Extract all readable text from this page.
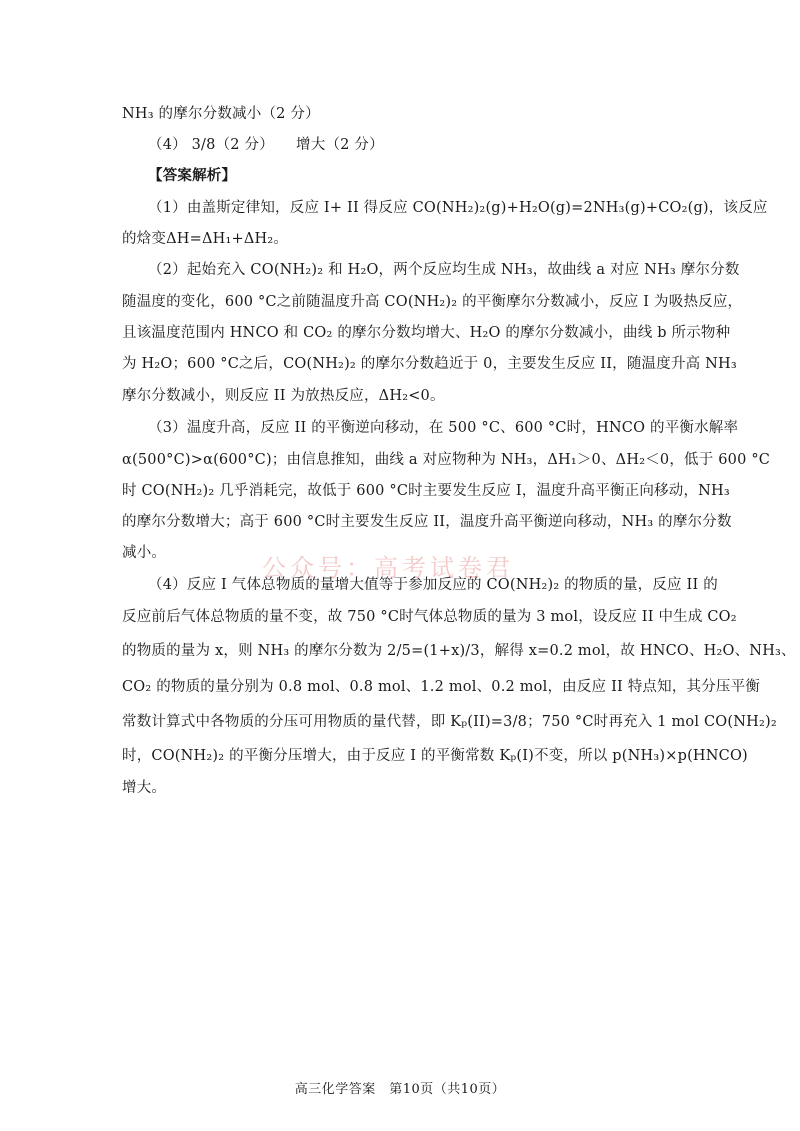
NH₃ 的摩尔分数减小（2 分）
（4） 3/8（2 分）　　增大（2 分）
【答案解析】
（1）由盖斯定律知，反应 I+ II 得反应 CO(NH₂)₂(g)+H₂O(g)=2NH₃(g)+CO₂(g)，该反应
的焓变ΔH=ΔH₁+ΔH₂。
（2）起始充入 CO(NH₂)₂ 和 H₂O，两个反应均生成 NH₃，故曲线 a 对应 NH₃ 摩尔分数
随温度的变化，600 °C之前随温度升高 CO(NH₂)₂ 的平衡摩尔分数减小，反应 I 为吸热反应，
且该温度范围内 HNCO 和 CO₂ 的摩尔分数均增大、H₂O 的摩尔分数减小，曲线 b 所示物种
为 H₂O；600 °C之后，CO(NH₂)₂ 的摩尔分数趋近于 0，主要发生反应 II，随温度升高 NH₃
摩尔分数减小，则反应 II 为放热反应，ΔH₂<0。
（3）温度升高，反应 II 的平衡逆向移动，在 500 °C、600 °C时，HNCO 的平衡水解率
α(500°C)>α(600°C)；由信息推知，曲线 a 对应物种为 NH₃，ΔH₁＞0、ΔH₂＜0，低于 600 °C
时 CO(NH₂)₂ 几乎消耗完，故低于 600 °C时主要发生反应 I，温度升高平衡正向移动，NH₃
的摩尔分数增大；高于 600 °C时主要发生反应 II，温度升高平衡逆向移动，NH₃ 的摩尔分数
减小。
公众号：高考试卷君
（4）反应 I 气体总物质的量增大值等于参加反应的 CO(NH₂)₂ 的物质的量，反应 II 的
反应前后气体总物质的量不变，故 750 °C时气体总物质的量为 3 mol，设反应 II 中生成 CO₂
的物质的量为 x，则 NH₃ 的摩尔分数为 2/5=(1+x)/3，解得 x=0.2 mol，故 HNCO、H₂O、NH₃、
CO₂ 的物质的量分别为 0.8 mol、0.8 mol、1.2 mol、0.2 mol，由反应 II 特点知，其分压平衡
常数计算式中各物质的分压可用物质的量代替，即 Kₚ(II)=3/8；750 °C时再充入 1 mol CO(NH₂)₂
时，CO(NH₂)₂ 的平衡分压增大，由于反应 I 的平衡常数 Kₚ(I)不变，所以 p(NH₃)×p(HNCO)
增大。
高三化学答案　第10页（共10页）
